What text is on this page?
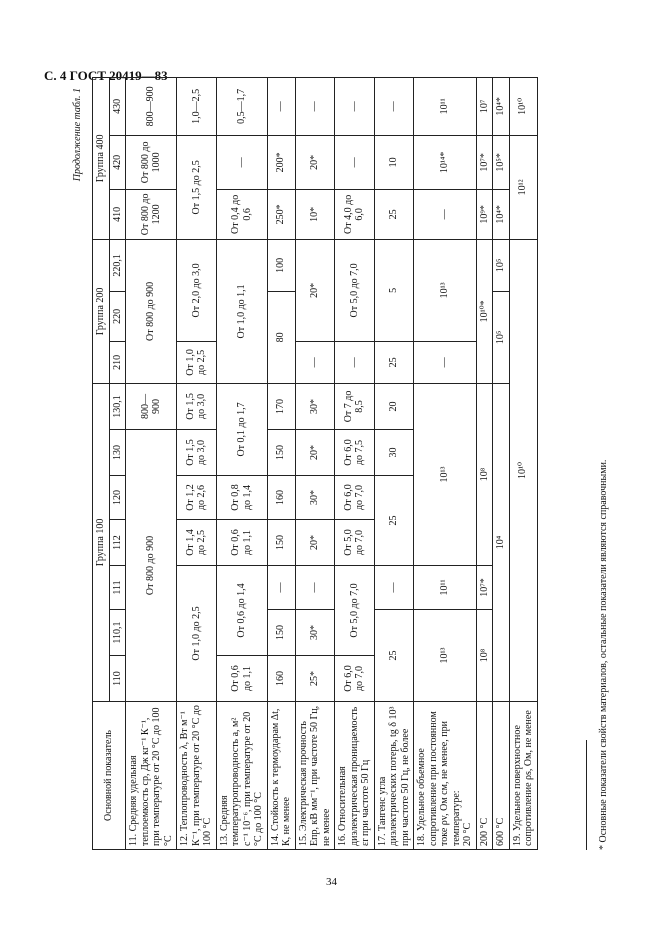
С. 4 ГОСТ 20419—83
Продолжение табл. 1
Основной показатель	Группа 100							Группа 200			Группа 400		
	110	110,1	111	112	120	130	130,1	210	220	220,1	410	420	430
11. Средняя удельная теплоемкость cp, Дж кг⁻¹ К⁻¹, при температуре от 20 °С до 100 °С	От 800 до 900						800—900	От 800 до 900			От 800 до 1200	От 800 до 1000	800—900
12. Теплопроводность λ, Вт м⁻¹ К⁻¹, при температуре от 20 °С до 100 °С	От 1,0 до 2,5			От 1,4 до 2,5	От 1,2 до 2,6	От 1,5 до 3,0	От 1,5 до 3,0	От 1,0 до 2,5	От 2,0 до 3,0		От 1,5 до 2,5		1,0—2,5
13. Средняя температуропроводность a, м² с⁻¹ 10⁻⁶, при температуре от 20 °С до 100 °С	От 0,6 до 1,1	От 0,6 до 1,4		От 0,6 до 1,1	От 0,8 до 1,4	От 0,1 до 1,7		От 1,0 до 1,1			От 0,4 до 0,6	—	0,5—1,7
14. Стойкость к термоударам Δt, К, не менее	160	150	—	150	160	150	170	80		100	250*	200*	—
15. Электрическая прочность Eпр, кВ мм⁻¹, при частоте 50 Гц, не менее	25*	30*	—	20*	30*	20*	30*	—	20*		10*	20*	—
16. Относительная диэлектрическая проницаемость εr при частоте 50 Гц	От 6,0 до 7,0	От 5,0 до 7,0		От 5,0 до 7,0	От 6,0 до 7,0	От 6,0 до 7,5	От 7 до 8,5	—	От 5,0 до 7,0		От 4,0 до 6,0	—	—
17. Тангенс угла диэлектрических потерь, tg δ 10³ при частоте 50 Гц, не более	25		—	25		30	20	25	5		25	10	—
18. Удельное объемное сопротивление при постоянном токе ρv, Ом см, не менее, при температуре:
20 °С	10¹³		10¹¹	10¹³				—	10¹³		—	10¹⁴*	10¹¹
200 °С	10⁸		10⁷*	10⁸				10¹⁰*			10⁹*	10⁷*	10⁷
600 °С	10⁴							10⁵		10⁵	10⁴*	10⁵*	10⁴*
19. Удельное поверхностное сопротивление ρs, Ом, не менее	10¹⁰										10¹²		10¹⁰
* Основные показатели свойств материалов, остальные показатели являются справочными.
34
